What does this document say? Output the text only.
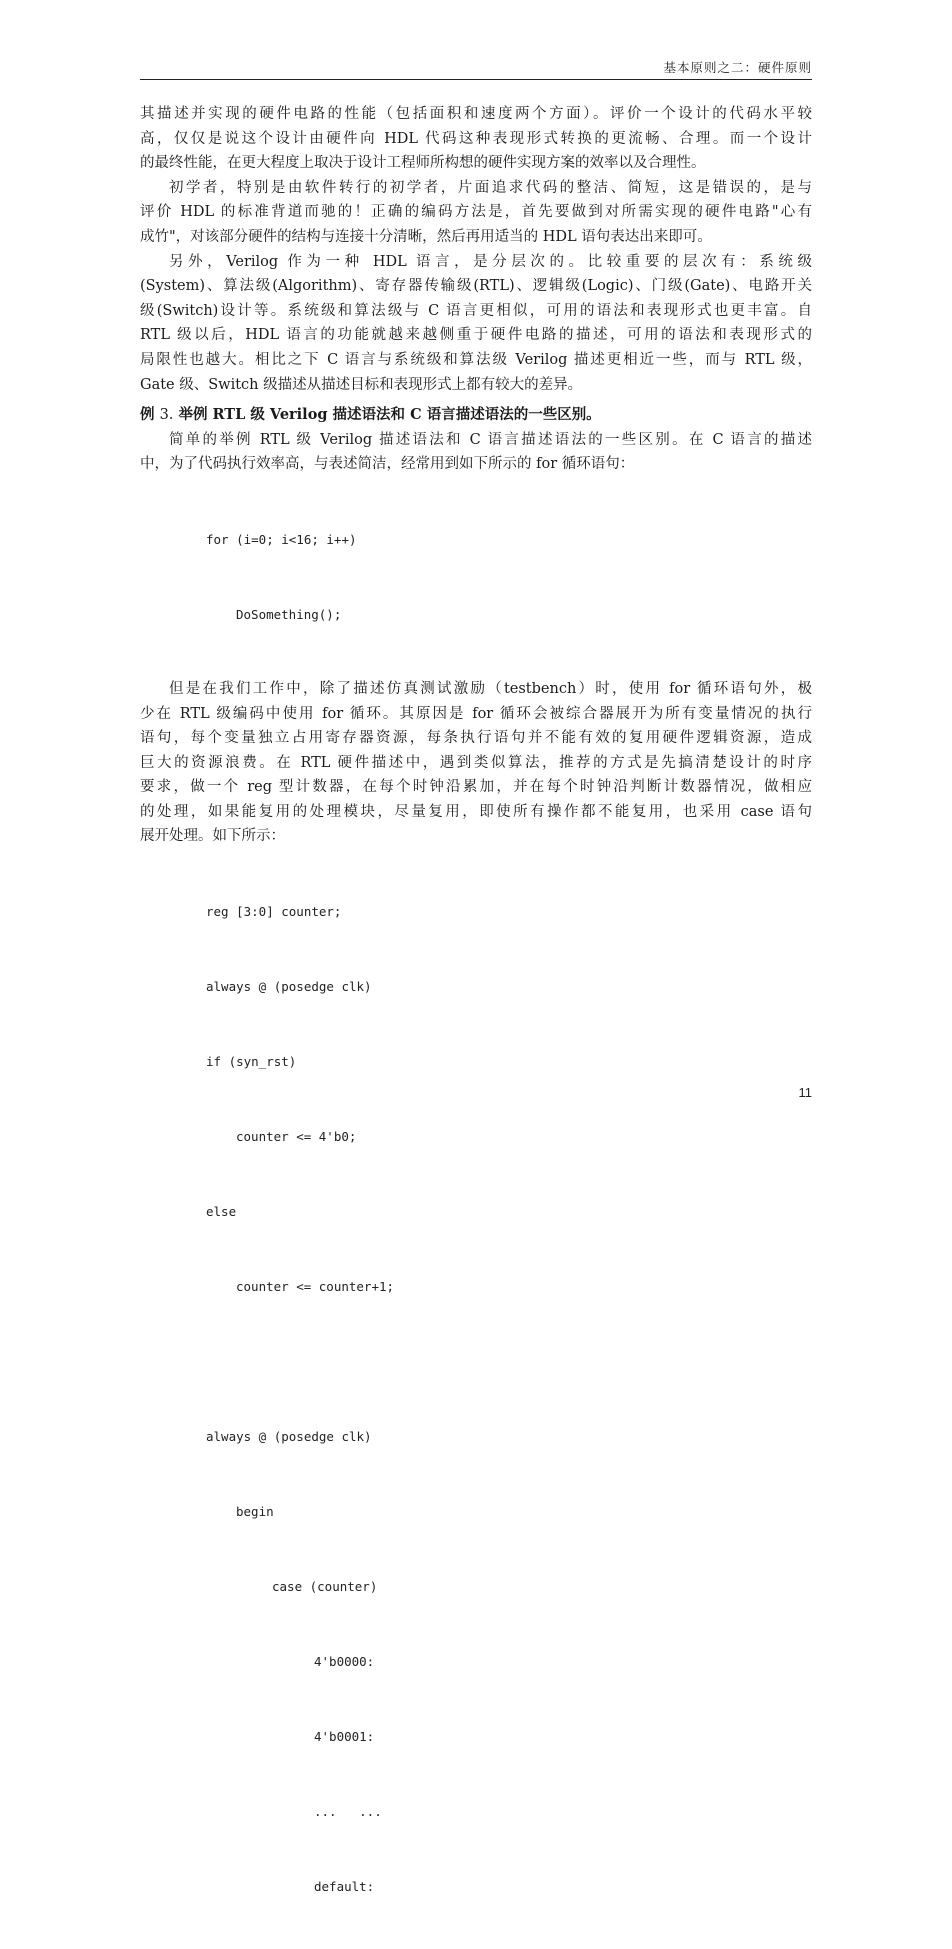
基本原则之二：硬件原则

其描述并实现的硬件电路的性能（包括面积和速度两个方面）。评价一个设计的代码水平较
高，仅仅是说这个设计由硬件向 HDL 代码这种表现形式转换的更流畅、合理。而一个设计
的最终性能，在更大程度上取决于设计工程师所构想的硬件实现方案的效率以及合理性。

初学者，特别是由软件转行的初学者，片面追求代码的整洁、简短，这是错误的，是与
评价 HDL 的标准背道而驰的！正确的编码方法是，首先要做到对所需实现的硬件电路"心有
成竹"，对该部分硬件的结构与连接十分清晰，然后再用适当的 HDL 语句表达出来即可。

另外，Verilog 作为一种 HDL 语言，是分层次的。比较重要的层次有：系统级
(System)、算法级(Algorithm)、寄存器传输级(RTL)、逻辑级(Logic)、门级(Gate)、电路开关
级(Switch)设计等。系统级和算法级与 C 语言更相似，可用的语法和表现形式也更丰富。自
RTL 级以后，HDL 语言的功能就越来越侧重于硬件电路的描述，可用的语法和表现形式的
局限性也越大。相比之下 C 语言与系统级和算法级 Verilog 描述更相近一些，而与 RTL 级，
Gate 级、Switch 级描述从描述目标和表现形式上都有较大的差异。

例 3. 举例 RTL 级 Verilog 描述语法和 C 语言描述语法的一些区别。

简单的举例 RTL 级 Verilog 描述语法和 C 语言描述语法的一些区别。在 C 语言的描述
中，为了代码执行效率高，与表述简洁，经常用到如下所示的 for 循环语句：

for (i=0; i<16; i++)

DoSomething();

但是在我们工作中，除了描述仿真测试激励（testbench）时，使用 for 循环语句外，极
少在 RTL 级编码中使用 for 循环。其原因是 for 循环会被综合器展开为所有变量情况的执行
语句，每个变量独立占用寄存器资源，每条执行语句并不能有效的复用硬件逻辑资源，造成
巨大的资源浪费。在 RTL 硬件描述中，遇到类似算法，推荐的方式是先搞清楚设计的时序
要求，做一个 reg 型计数器，在每个时钟沿累加，并在每个时钟沿判断计数器情况，做相应
的处理，如果能复用的处理模块，尽量复用，即使所有操作都不能复用，也采用 case 语句
展开处理。如下所示：

reg [3:0] counter;

always @ (posedge clk)

if (syn_rst)

counter <= 4'b0;

else

counter <= counter+1;

always @ (posedge clk)

begin

case (counter)

4'b0000:

4'b0001:

...   ...

default:

11
